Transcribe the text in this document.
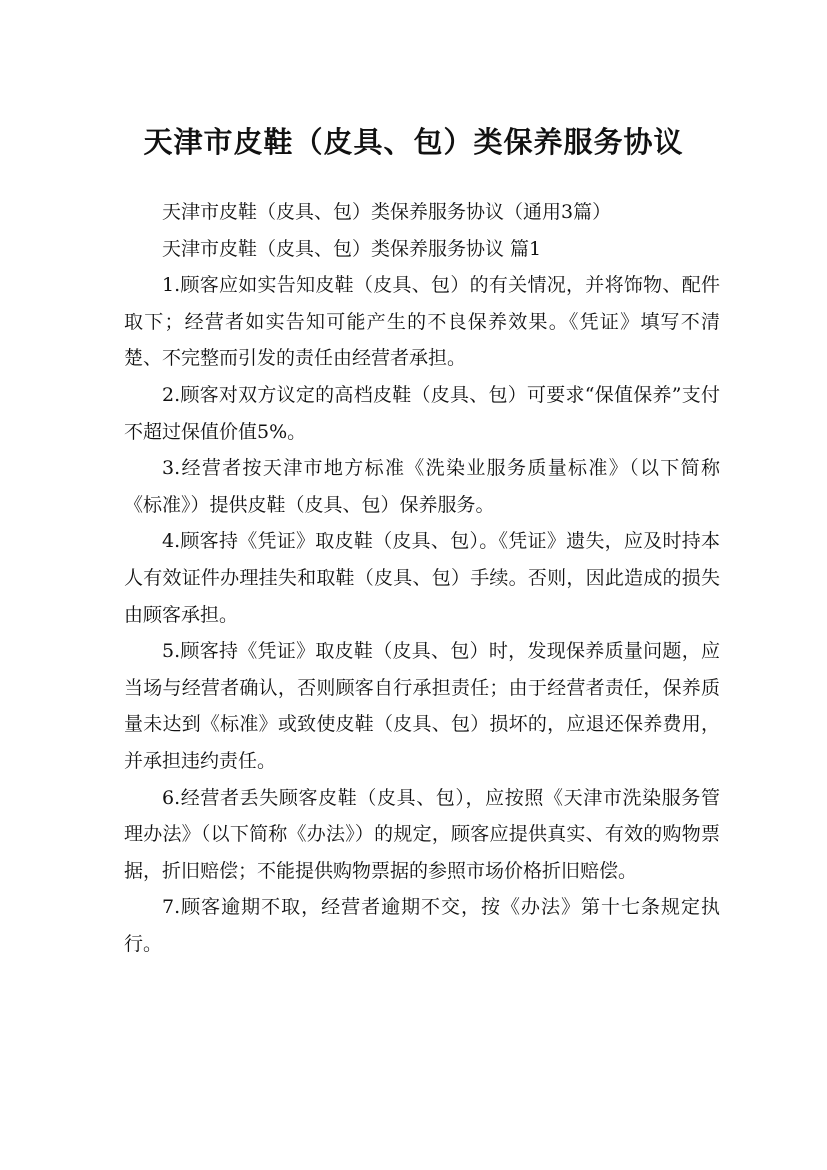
天津市皮鞋（皮具、包）类保养服务协议

天津市皮鞋（皮具、包）类保养服务协议（通用3篇）

天津市皮鞋（皮具、包）类保养服务协议 篇1

1.顾客应如实告知皮鞋（皮具、包）的有关情况，并将饰物、配件取下；经营者如实告知可能产生的不良保养效果。《凭证》填写不清楚、不完整而引发的责任由经营者承担。

2.顾客对双方议定的高档皮鞋（皮具、包）可要求“保值保养”支付不超过保值价值5%。

3.经营者按天津市地方标准《洗染业服务质量标准》（以下简称《标准》）提供皮鞋（皮具、包）保养服务。

4.顾客持《凭证》取皮鞋（皮具、包）。《凭证》遗失，应及时持本人有效证件办理挂失和取鞋（皮具、包）手续。否则，因此造成的损失由顾客承担。

5.顾客持《凭证》取皮鞋（皮具、包）时，发现保养质量问题，应当场与经营者确认，否则顾客自行承担责任；由于经营者责任，保养质量未达到《标准》或致使皮鞋（皮具、包）损坏的，应退还保养费用，并承担违约责任。

6.经营者丢失顾客皮鞋（皮具、包），应按照《天津市洗染服务管理办法》（以下简称《办法》）的规定，顾客应提供真实、有效的购物票据，折旧赔偿；不能提供购物票据的参照市场价格折旧赔偿。

7.顾客逾期不取，经营者逾期不交，按《办法》第十七条规定执行。
